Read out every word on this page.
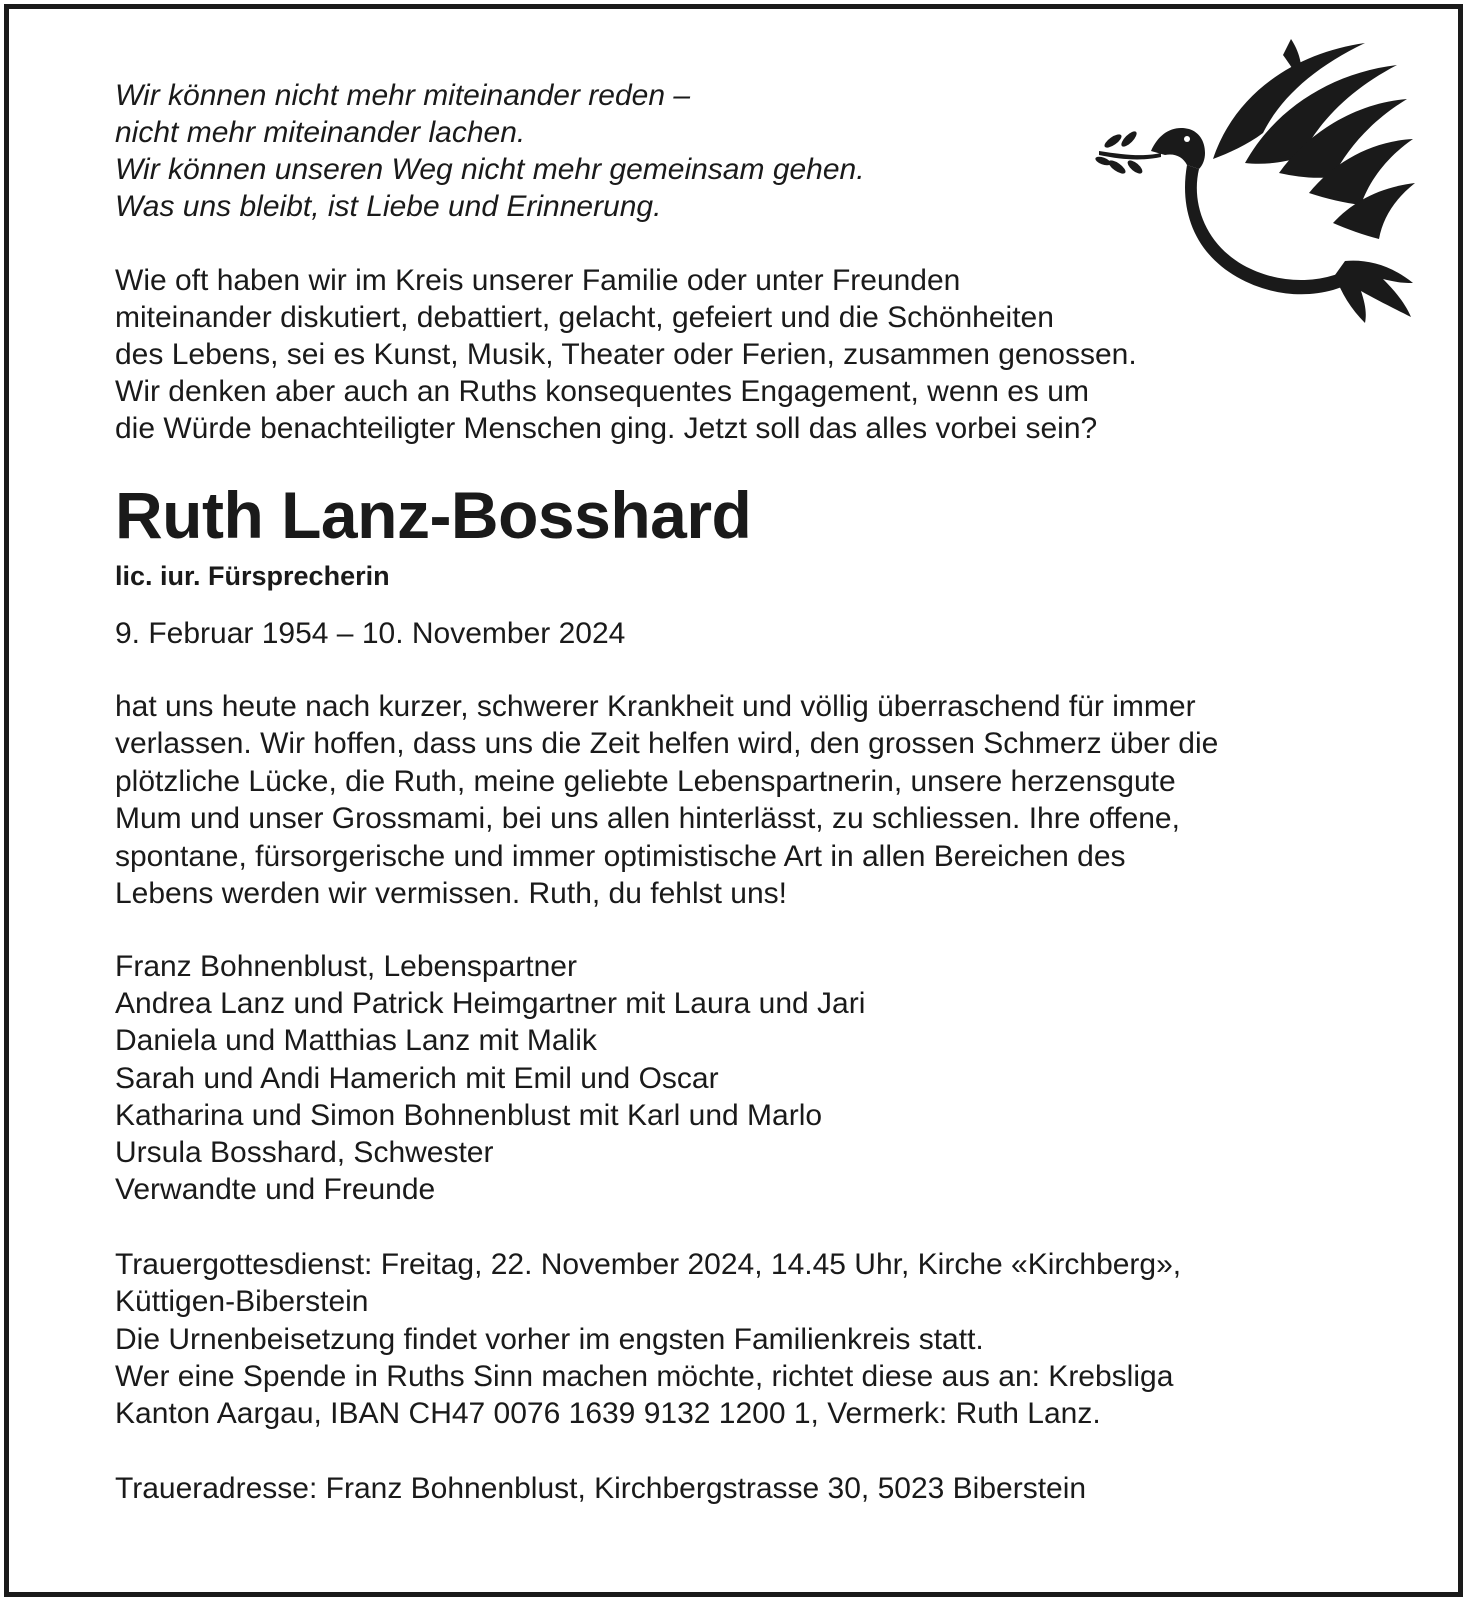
Wir können nicht mehr miteinander reden –
nicht mehr miteinander lachen.
Wir können unseren Weg nicht mehr gemeinsam gehen.
Was uns bleibt, ist Liebe und Erinnerung.
Wie oft haben wir im Kreis unserer Familie oder unter Freunden
miteinander diskutiert, debattiert, gelacht, gefeiert und die Schönheiten
des Lebens, sei es Kunst, Musik, Theater oder Ferien, zusammen genossen.
Wir denken aber auch an Ruths konsequentes Engagement, wenn es um
die Würde benachteiligter Menschen ging. Jetzt soll das alles vorbei sein?
Ruth Lanz-Bosshard
lic. iur. Fürsprecherin
9. Februar 1954 – 10. November 2024
hat uns heute nach kurzer, schwerer Krankheit und völlig überraschend für immer
verlassen. Wir hoffen, dass uns die Zeit helfen wird, den grossen Schmerz über die
plötzliche Lücke, die Ruth, meine geliebte Lebenspartnerin, unsere herzensgute
Mum und unser Grossmami, bei uns allen hinterlässt, zu schliessen. Ihre offene,
spontane, fürsorgerische und immer optimistische Art in allen Bereichen des
Lebens werden wir vermissen. Ruth, du fehlst uns!
Franz Bohnenblust, Lebenspartner
Andrea Lanz und Patrick Heimgartner mit Laura und Jari
Daniela und Matthias Lanz mit Malik
Sarah und Andi Hamerich mit Emil und Oscar
Katharina und Simon Bohnenblust mit Karl und Marlo
Ursula Bosshard, Schwester
Verwandte und Freunde
Trauergottesdienst: Freitag, 22. November 2024, 14.45 Uhr, Kirche «Kirchberg»,
Küttigen-Biberstein
Die Urnenbeisetzung findet vorher im engsten Familienkreis statt.
Wer eine Spende in Ruths Sinn machen möchte, richtet diese aus an: Krebsliga
Kanton Aargau, IBAN CH47 0076 1639 9132 1200 1, Vermerk: Ruth Lanz.
Traueradresse: Franz Bohnenblust, Kirchbergstrasse 30, 5023 Biberstein
